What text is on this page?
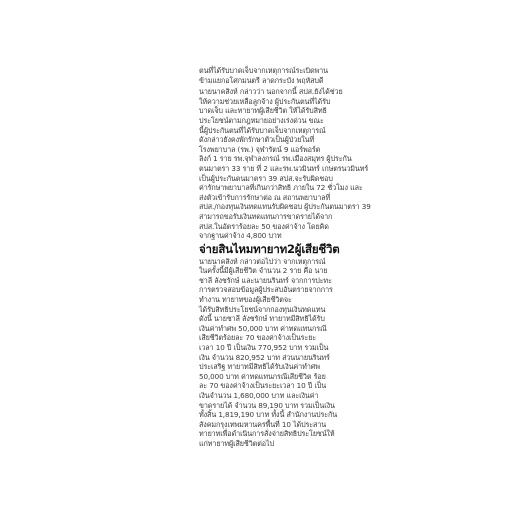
ตนที่ได้รับบาดเจ็บจากเหตุการณ์ระเบิดพาน
ข้ามแยกอโศกมนตรี ลาดกระบัง พฤหัสบดี
นายนาคสิงห์ กล่าวว่า นอกจากนี้ สปส.ยังได้ช่วย
ให้ความช่วยเหลือลูกจ้าง ผู้ประกันตนที่ได้รับ
บาดเจ็บ และทายาทผู้เสียชีวิต ให้ได้รับสิทธิ
ประโยชน์ตามกฎหมายอย่างเร่งด่วน ขณะ
นี้ผู้ประกันตนที่ได้รับบาดเจ็บจากเหตุการณ์
ดังกล่าวยังคงพักรักษาตัวเป็นผู้ป่วยในที่
โรงพยาบาล (รพ.) จุฬารัตน์ 9 แอร์พอร์ต
ลิงก์ 1 ราย รพ.จุฬาลงกรณ์ รพ.เมืองสมุทร ผู้ประกัน
ตนมาตรา 33 ราย ที่ 2 และรพ.นวมินทร์ เกษตรนวมินทร์
เป็นผู้ประกันตนมาตรา 39 สปส.จะรับผิดชอบ
ค่ารักษาพยาบาลที่เกินกว่าสิทธิ ภายใน 72 ชั่วโมง และ
ส่งตัวเข้ารับการรักษาต่อ ณ สถานพยาบาลที่
สปส./กองทุนเงินทดแทนรับผิดชอบ ผู้ประกันตนมาตรา 39
สามารถขอรับเงินทดแทนการขาดรายได้จาก
สปส.ในอัตราร้อยละ 50 ของค่าจ้าง โดยคิด
จากฐานค่าจ้าง 4,800 บาท
จ่ายสินไหมทายาท2ผู้เสียชีวิต
นายนาคสิงห์ กล่าวต่อไปว่า จากเหตุการณ์
ในครั้งนี้มีผู้เสียชีวิต จำนวน 2 ราย คือ นาย
ชาลี ลังชรักษ์ และนายนรินทร์ จากการปะทะ
การตรวจสอบข้อมูลผู้ประสบอันตรายจากการ
ทำงาน ทายาทของผู้เสียชีวิตจะ
ได้รับสิทธิประโยชน์จากกองทุนเงินทดแทน
ดังนี้ นายชาลี ลังชรักษ์ ทายาทมีสิทธิได้รับ
เงินค่าทำศพ 50,000 บาท ค่าทดแทนกรณี
เสียชีวิตร้อยละ 70 ของค่าจ้างเป็นระยะ
เวลา 10 ปี เป็นเงิน 770,952 บาท รวมเป็น
เงิน จำนวน 820,952 บาท ส่วนนายนรินทร์
ประเสริฐ ทายาทมีสิทธิได้รับเงินค่าทำศพ
50,000 บาท ค่าทดแทนกรณีเสียชีวิต ร้อย
ละ 70 ของค่าจ้างเป็นระยะเวลา 10 ปี เป็น
เงินจำนวน 1,680,000 บาท และเงินค่า
ขาดรายได้ จำนวน 89,190 บาท รวมเป็นเงิน
ทั้งสิ้น 1,819,190 บาท ทั้งนี้ สำนักงานประกัน
สังคมกรุงเทพมหานครพื้นที่ 10 ได้ประสาน
ทายาทเพื่อดำเนินการสั่งจ่ายสิทธิประโยชน์ให้
แก่ทายาทผู้เสียชีวิตต่อไป
